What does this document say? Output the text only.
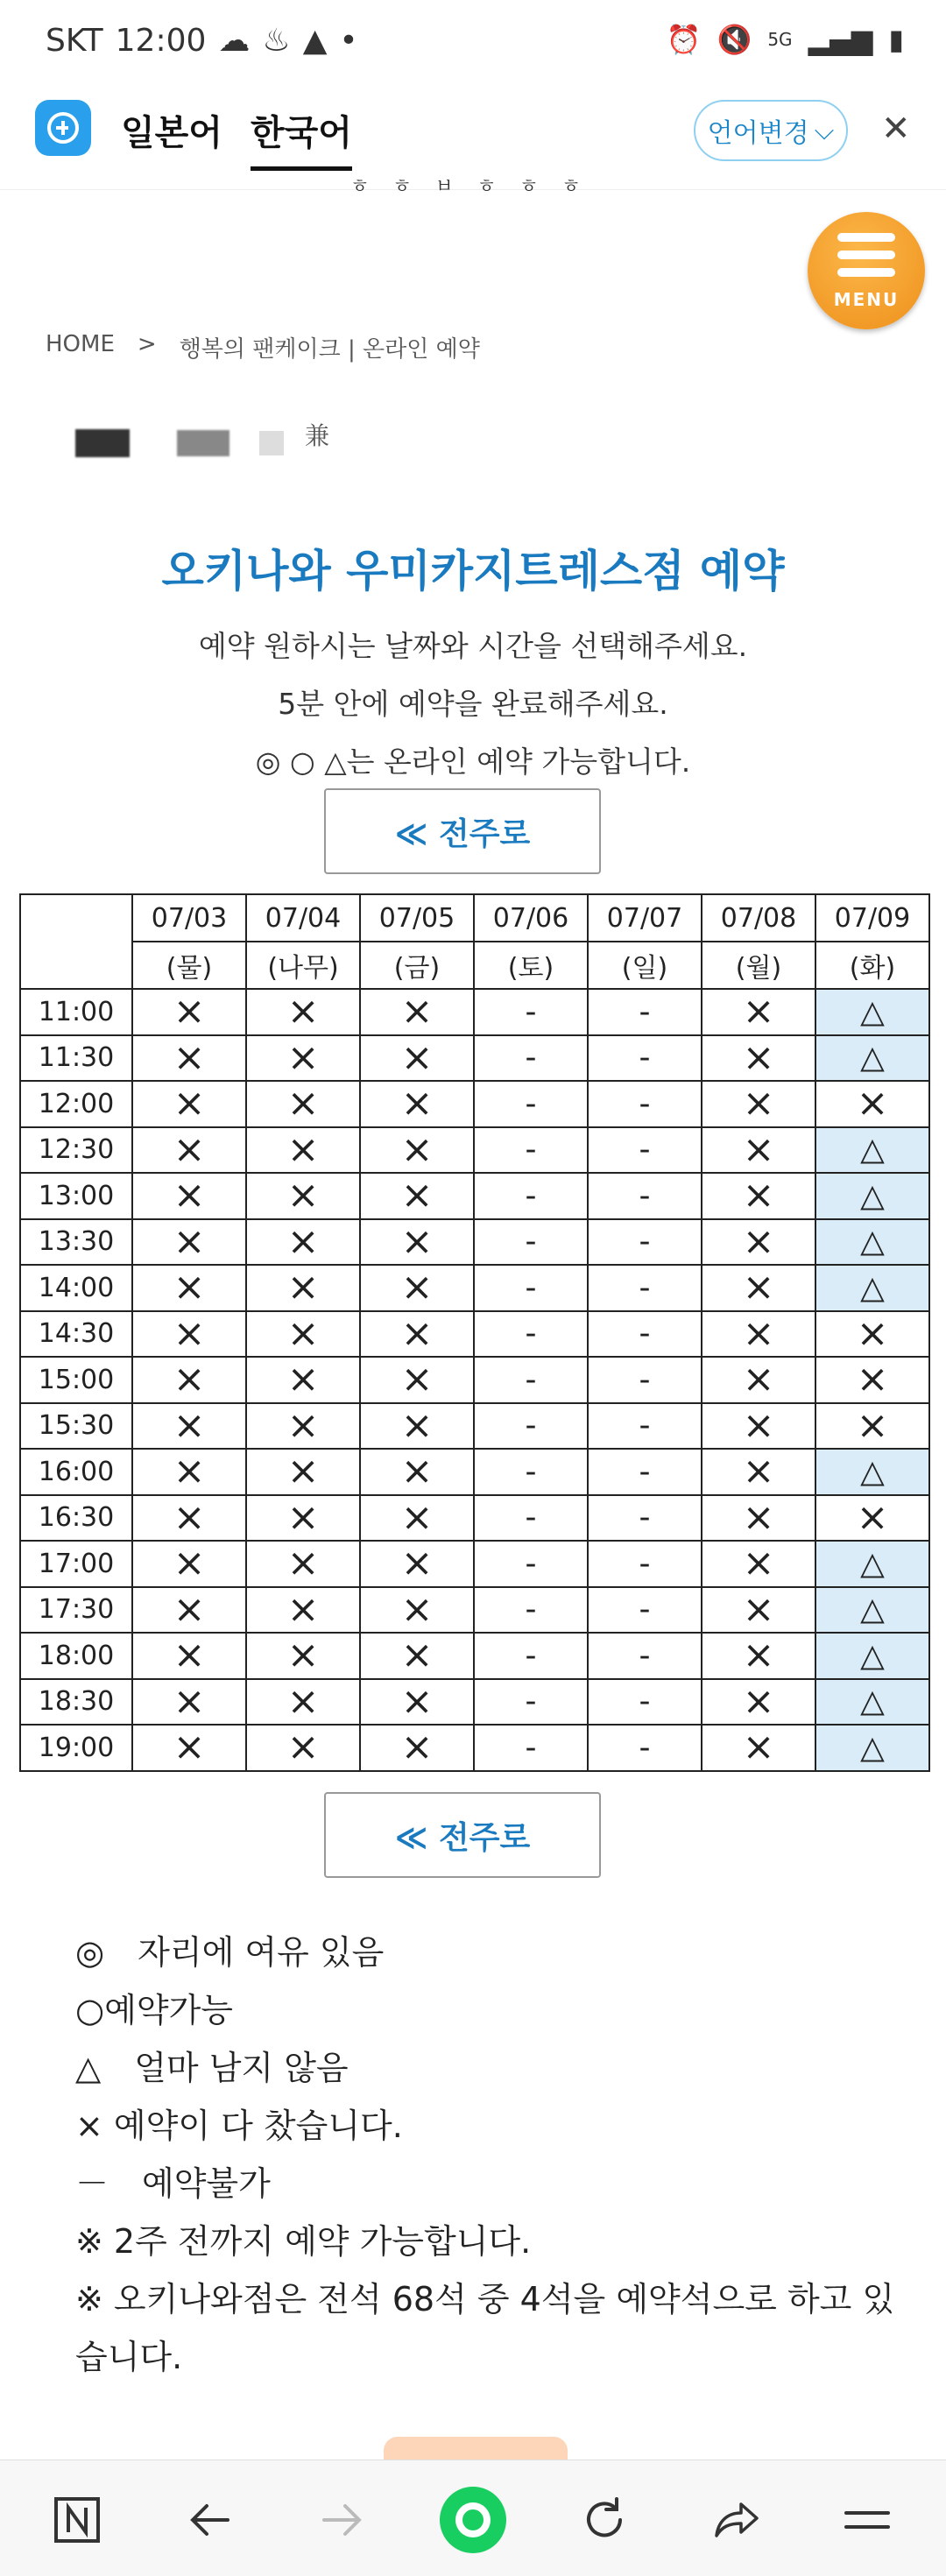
SKT 12:00 ☁ ♨ ▲ •	⏰ 🔇 5G ▂▄▆ ▮
일본어 한국어	언어변경 ⌵ ✕
ㅎ ㅎ ㅂ ㅎ ㅎ ㅎ
MENU
HOME > 행복의 팬케이크 | 온라인 예약
兼
오키나와 우미카지트레스점 예약
예약 원하시는 날짜와 시간을 선택해주세요.
5분 안에 예약을 완료해주세요.
◎ ○ △는 온라인 예약 가능합니다.
≪ 전주로
	07/03	07/04	07/05	07/06	07/07	07/08	07/09
	(물)	(나무)	(금)	(토)	(일)	(월)	(화)
11:00	×	×	×	-	-	×	△
11:30	×	×	×	-	-	×	△
12:00	×	×	×	-	-	×	×
12:30	×	×	×	-	-	×	△
13:00	×	×	×	-	-	×	△
13:30	×	×	×	-	-	×	△
14:00	×	×	×	-	-	×	△
14:30	×	×	×	-	-	×	×
15:00	×	×	×	-	-	×	×
15:30	×	×	×	-	-	×	×
16:00	×	×	×	-	-	×	△
16:30	×	×	×	-	-	×	×
17:00	×	×	×	-	-	×	△
17:30	×	×	×	-	-	×	△
18:00	×	×	×	-	-	×	△
18:30	×	×	×	-	-	×	△
19:00	×	×	×	-	-	×	△
≪ 전주로
◎　자리에 여유 있음
○예약가능
△　얼마 남지 않음
× 예약이 다 찼습니다.
－　예약불가
※ 2주 전까지 예약 가능합니다.
※ 오키나와점은 전석 68석 중 4석을 예약석으로 하고 있
습니다.
